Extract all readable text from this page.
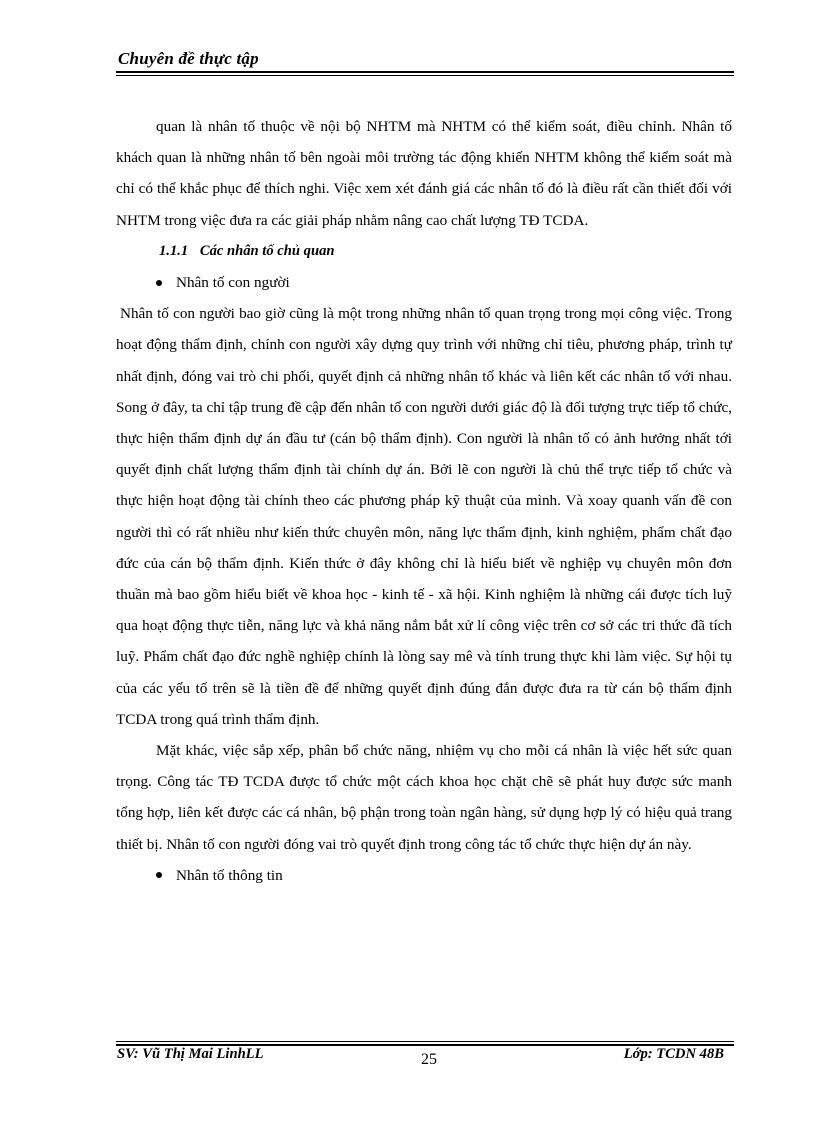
Chuyên đề thực tập

quan là nhân tố thuộc về nội bộ NHTM mà NHTM có thể kiểm soát, điều chỉnh. Nhân tố khách quan là những nhân tố bên ngoài môi trường tác động khiến NHTM không thể kiểm soát mà chỉ có thể khắc phục để thích nghi. Việc xem xét đánh giá các nhân tố đó là điều rất cần thiết đối với NHTM trong việc đưa ra các giải pháp nhằm nâng cao chất lượng TĐ TCDA.

1.1.1 Các nhân tố chủ quan

Nhân tố con người

Nhân tố con người bao giờ cũng là một trong những nhân tố quan trọng trong mọi công việc. Trong hoạt động thẩm định, chính con người xây dựng quy trình với những chỉ tiêu, phương pháp, trình tự nhất định, đóng vai trò chi phối, quyết định cả những nhân tố khác và liên kết các nhân tố với nhau. Song ở đây, ta chỉ tập trung đề cập đến nhân tố con người dưới giác độ là đối tượng trực tiếp tổ chức, thực hiện thẩm định dự án đầu tư (cán bộ thẩm định). Con người là nhân tố có ảnh hưởng nhất tới quyết định chất lượng thẩm định tài chính dự án. Bởi lẽ con người là chủ thể trực tiếp tổ chức và thực hiện hoạt động tài chính theo các phương pháp kỹ thuật của mình. Và xoay quanh vấn đề con người thì có rất nhiều như kiến thức chuyên môn, năng lực thẩm định, kinh nghiệm, phẩm chất đạo đức của cán bộ thẩm định. Kiến thức ở đây không chỉ là hiểu biết về nghiệp vụ chuyên môn đơn thuần mà bao gồm hiểu biết về khoa học - kinh tế - xã hội. Kinh nghiệm là những cái được tích luỹ qua hoạt động thực tiễn, năng lực và khả năng nắm bắt xử lí công việc trên cơ sở các tri thức đã tích luỹ. Phẩm chất đạo đức nghề nghiệp chính là lòng say mê và tính trung thực khi làm việc. Sự hội tụ của các yếu tố trên sẽ là tiền đề để những quyết định đúng đắn được đưa ra từ cán bộ thẩm định TCDA trong quá trình thẩm định.

Mặt khác, việc sắp xếp, phân bổ chức năng, nhiệm vụ cho mỗi cá nhân là việc hết sức quan trọng. Công tác TĐ TCDA được tổ chức một cách khoa học chặt chẽ sẽ phát huy được sức manh tổng hợp, liên kết được các cá nhân, bộ phận trong toàn ngân hàng, sử dụng hợp lý có hiệu quả trang thiết bị. Nhân tố con người đóng vai trò quyết định trong công tác tổ chức thực hiện dự án này.

Nhân tố thông tin

SV: Vũ Thị Mai LinhLL	25	Lớp: TCDN 48B
